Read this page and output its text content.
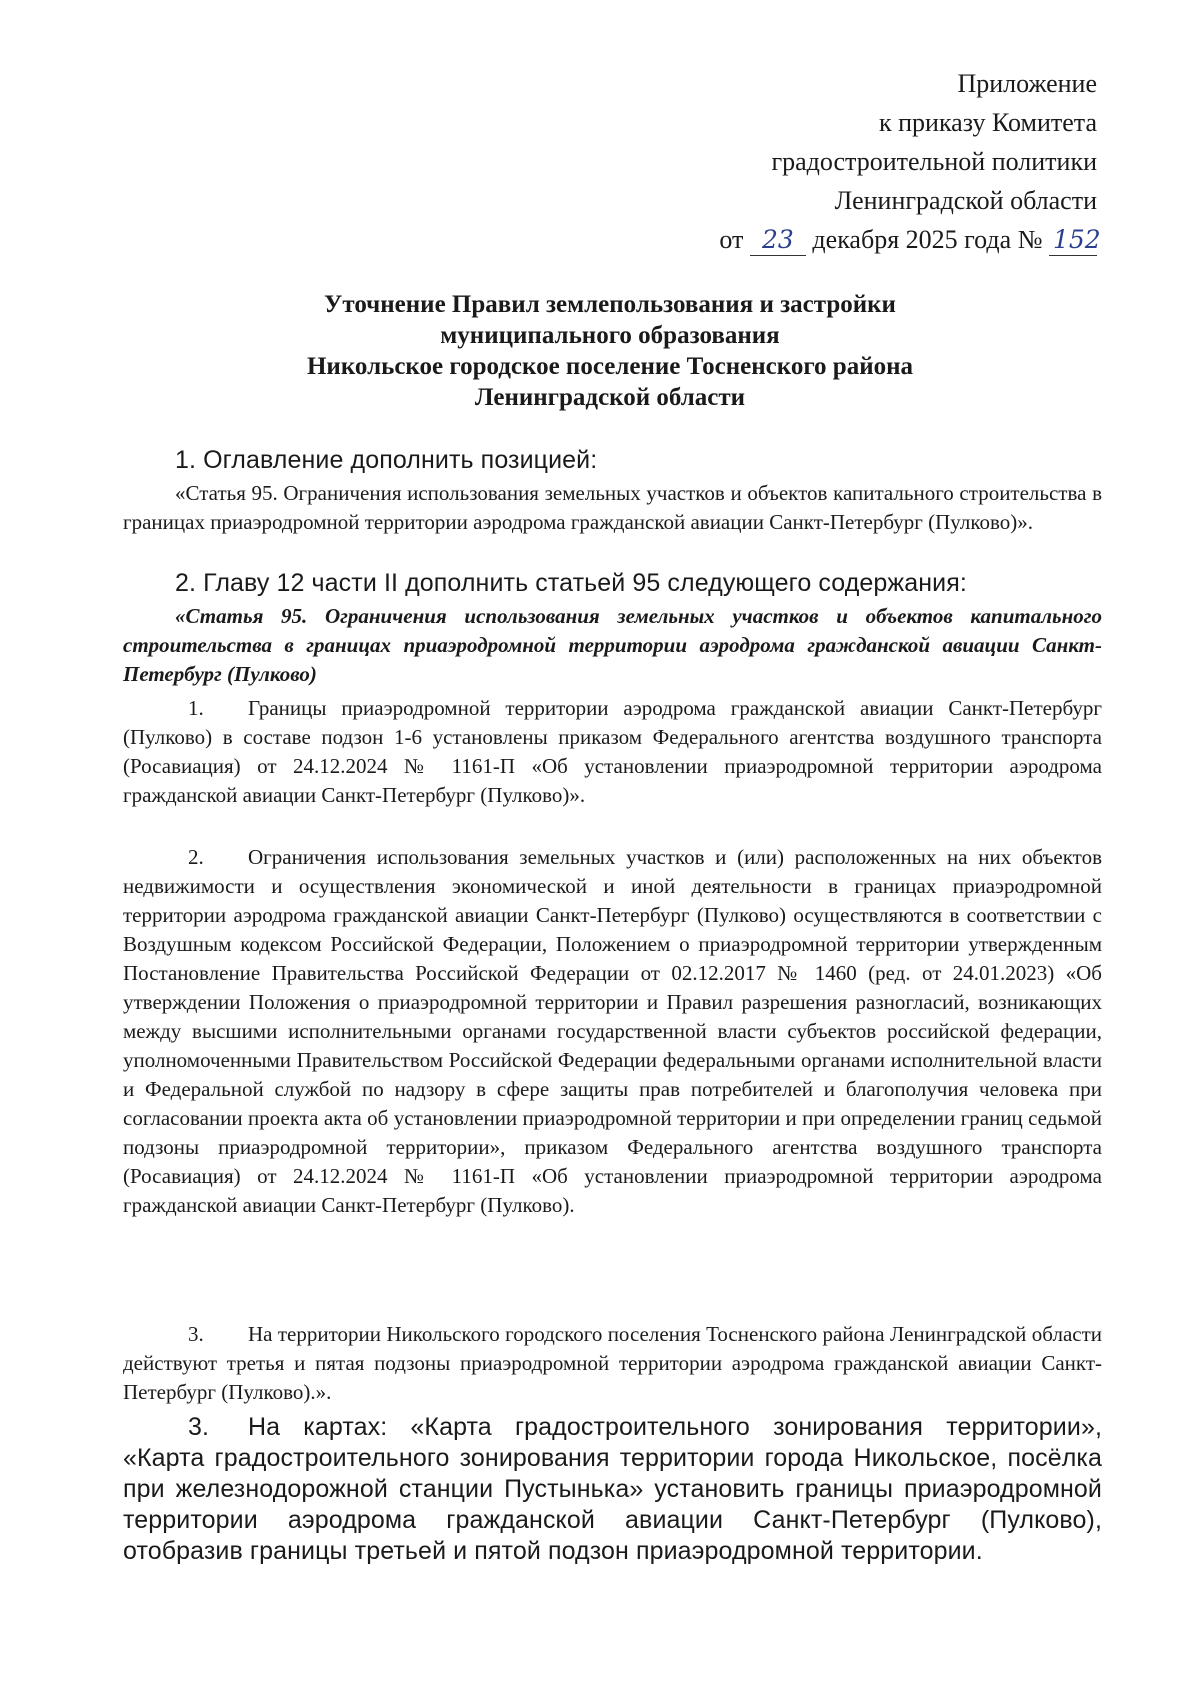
Приложение
к приказу Комитета
градостроительной политики
Ленинградской области
от 23 декабря 2025 года № 152
Уточнение Правил землепользования и застройки
муниципального образования
Никольское городское поселение Тосненского района
Ленинградской области

1. Оглавление дополнить позицией:

«Статья 95. Ограничения использования земельных участков и объектов капитального строительства в границах приаэродромной территории аэродрома гражданской авиации Санкт-Петербург (Пулково)».

2. Главу 12 части II дополнить статьей 95 следующего содержания:

«Статья 95. Ограничения использования земельных участков и объектов капитального строительства в границах приаэродромной территории аэродрома гражданской авиации Санкт-Петербург (Пулково)

1. Границы приаэродромной территории аэродрома гражданской авиации Санкт-Петербург (Пулково) в составе подзон 1-6 установлены приказом Федерального агентства воздушного транспорта (Росавиация) от 24.12.2024 № 1161-П «Об установлении приаэродромной территории аэродрома гражданской авиации Санкт-Петербург (Пулково)».

2. Ограничения использования земельных участков и (или) расположенных на них объектов недвижимости и осуществления экономической и иной деятельности в границах приаэродромной территории аэродрома гражданской авиации Санкт-Петербург (Пулково) осуществляются в соответствии с Воздушным кодексом Российской Федерации, Положением о приаэродромной территории утвержденным Постановление Правительства Российской Федерации от 02.12.2017 № 1460 (ред. от 24.01.2023) «Об утверждении Положения о приаэродромной территории и Правил разрешения разногласий, возникающих между высшими исполнительными органами государственной власти субъектов российской федерации, уполномоченными Правительством Российской Федерации федеральными органами исполнительной власти и Федеральной службой по надзору в сфере защиты прав потребителей и благополучия человека при согласовании проекта акта об установлении приаэродромной территории и при определении границ седьмой подзоны приаэродромной территории», приказом Федерального агентства воздушного транспорта (Росавиация) от 24.12.2024 № 1161-П «Об установлении приаэродромной территории аэродрома гражданской авиации Санкт-Петербург (Пулково).

3. На территории Никольского городского поселения Тосненского района Ленинградской области действуют третья и пятая подзоны приаэродромной территории аэродрома гражданской авиации Санкт-Петербург (Пулково).».

3. На картах: «Карта градостроительного зонирования территории», «Карта градостроительного зонирования территории города Никольское, посёлка при железнодорожной станции Пустынька» установить границы приаэродромной территории аэродрома гражданской авиации Санкт-Петербург (Пулково), отобразив границы третьей и пятой подзон приаэродромной территории.
